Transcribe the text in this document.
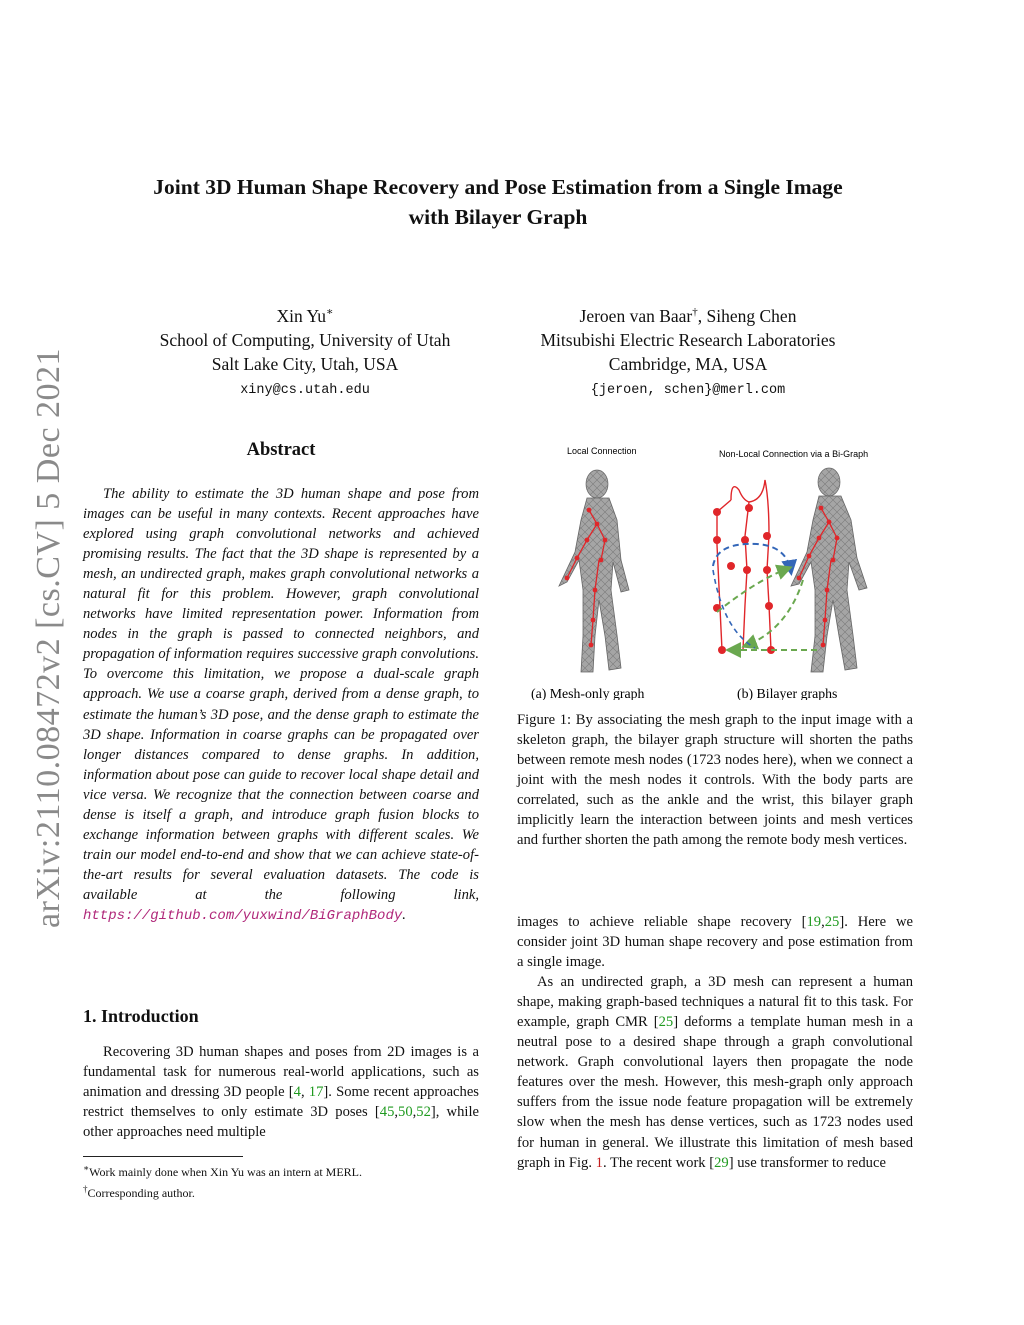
Joint 3D Human Shape Recovery and Pose Estimation from a Single Image
with Bilayer Graph
Xin Yu∗
School of Computing, University of Utah
Salt Lake City, Utah, USA
xiny@cs.utah.edu
Jeroen van Baar†, Siheng Chen
Mitsubishi Electric Research Laboratories
Cambridge, MA, USA
{jeroen, schen}@merl.com
arXiv:2110.08472v2 [cs.CV] 5 Dec 2021	Abstract
The ability to estimate the 3D human shape and pose from images can be useful in many contexts. Recent approaches have explored using graph convolutional networks and achieved promising results. The fact that the 3D shape is represented by a mesh, an undirected graph, makes graph convolutional networks a natural fit for this problem. However, graph convolutional networks have limited representation power. Information from nodes in the graph is passed to connected neighbors, and propagation of information requires successive graph convolutions. To overcome this limitation, we propose a dual-scale graph approach. We use a coarse graph, derived from a dense graph, to estimate the human’s 3D pose, and the dense graph to estimate the 3D shape. Information in coarse graphs can be propagated over longer distances compared to dense graphs. In addition, information about pose can guide to recover local shape detail and vice versa. We recognize that the connection between coarse and dense is itself a graph, and introduce graph fusion blocks to exchange information between graphs with different scales. We train our model end-to-end and show that we can achieve state-of-the-art results for several evaluation datasets. The code is available at the following link, https://github.com/yuxwind/BiGraphBody.
1. Introduction

Recovering 3D human shapes and poses from 2D images is a fundamental task for numerous real-world applications, such as animation and dressing 3D people [4, 17]. Some recent approaches restrict themselves to only estimate 3D poses [45,50,52], while other approaches need multiple

∗Work mainly done when Xin Yu was an intern at MERL.
†Corresponding author.
Local Connection	Non-Local Connection via a Bi-Graph
(a) Mesh-only graph	(b) Bilayer graphs
Figure 1: By associating the mesh graph to the input image with a skeleton graph, the bilayer graph structure will shorten the paths between remote mesh nodes (1723 nodes here), when we connect a joint with the mesh nodes it controls. With the body parts are correlated, such as the ankle and the wrist, this bilayer graph implicitly learn the interaction between joints and mesh vertices and further shorten the path among the remote body mesh vertices.

images to achieve reliable shape recovery [19,25]. Here we consider joint 3D human shape recovery and pose estimation from a single image.

As an undirected graph, a 3D mesh can represent a human shape, making graph-based techniques a natural fit to this task. For example, graph CMR [25] deforms a template human mesh in a neutral pose to a desired shape through a graph convolutional network. Graph convolutional layers then propagate the node features over the mesh. However, this mesh-graph only approach suffers from the issue node feature propagation will be extremely slow when the mesh has dense vertices, such as 1723 nodes used for human in general. We illustrate this limitation of mesh based graph in Fig. 1. The recent work [29] use transformer to reduce
